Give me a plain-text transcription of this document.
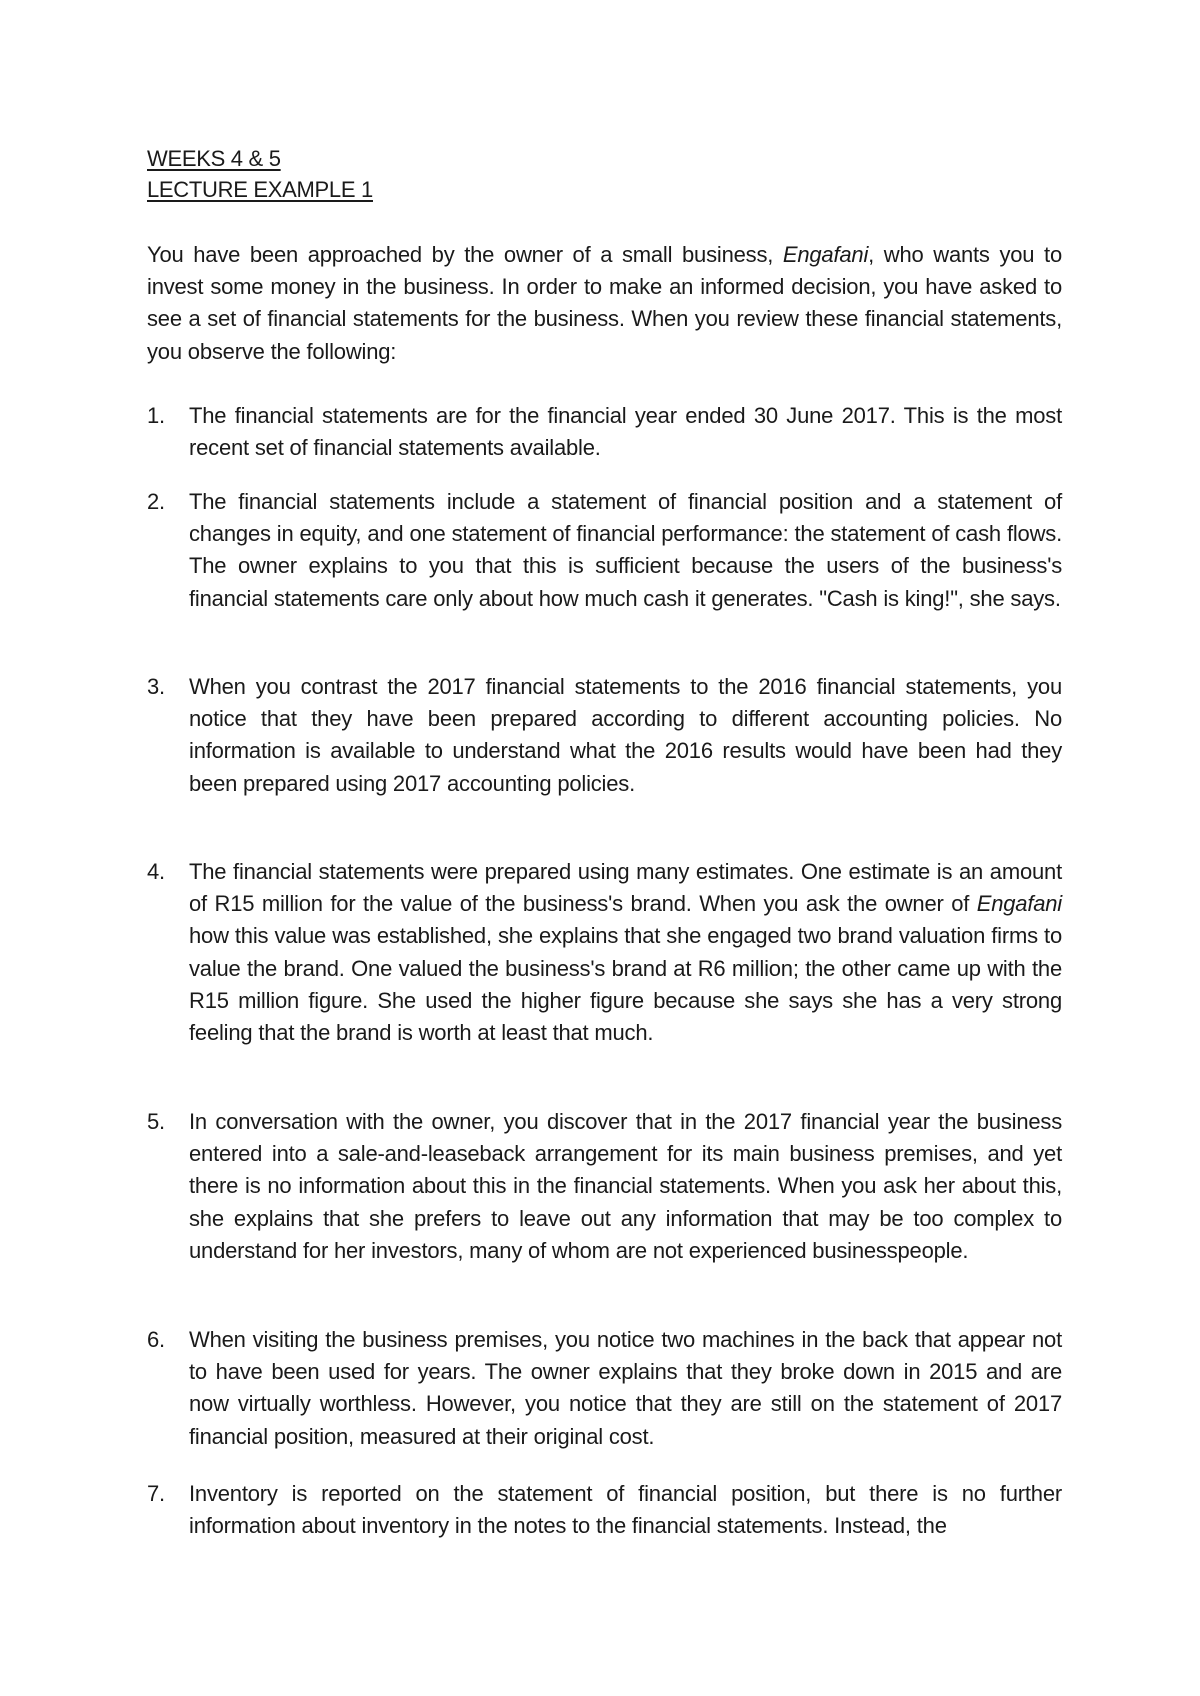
WEEKS 4 & 5
LECTURE EXAMPLE 1

You have been approached by the owner of a small business, Engafani, who wants you to invest some money in the business. In order to make an informed decision, you have asked to see a set of financial statements for the business. When you review these financial statements, you observe the following:

1.	The financial statements are for the financial year ended 30 June 2017. This is the most recent set of financial statements available.
2.	The financial statements include a statement of financial position and a statement of changes in equity, and one statement of financial performance: the statement of cash flows. The owner explains to you that this is sufficient because the users of the business's financial statements care only about how much cash it generates. "Cash is king!", she says.
3.	When you contrast the 2017 financial statements to the 2016 financial statements, you notice that they have been prepared according to different accounting policies. No information is available to understand what the 2016 results would have been had they been prepared using 2017 accounting policies.
4.	The financial statements were prepared using many estimates. One estimate is an amount of R15 million for the value of the business's brand. When you ask the owner of Engafani how this value was established, she explains that she engaged two brand valuation firms to value the brand. One valued the business's brand at R6 million; the other came up with the R15 million figure. She used the higher figure because she says she has a very strong feeling that the brand is worth at least that much.
5.	In conversation with the owner, you discover that in the 2017 financial year the business entered into a sale-and-leaseback arrangement for its main business premises, and yet there is no information about this in the financial statements. When you ask her about this, she explains that she prefers to leave out any information that may be too complex to understand for her investors, many of whom are not experienced businesspeople.
6.	When visiting the business premises, you notice two machines in the back that appear not to have been used for years. The owner explains that they broke down in 2015 and are now virtually worthless. However, you notice that they are still on the statement of 2017 financial position, measured at their original cost.
7.	Inventory is reported on the statement of financial position, but there is no further information about inventory in the notes to the financial statements. Instead, the
